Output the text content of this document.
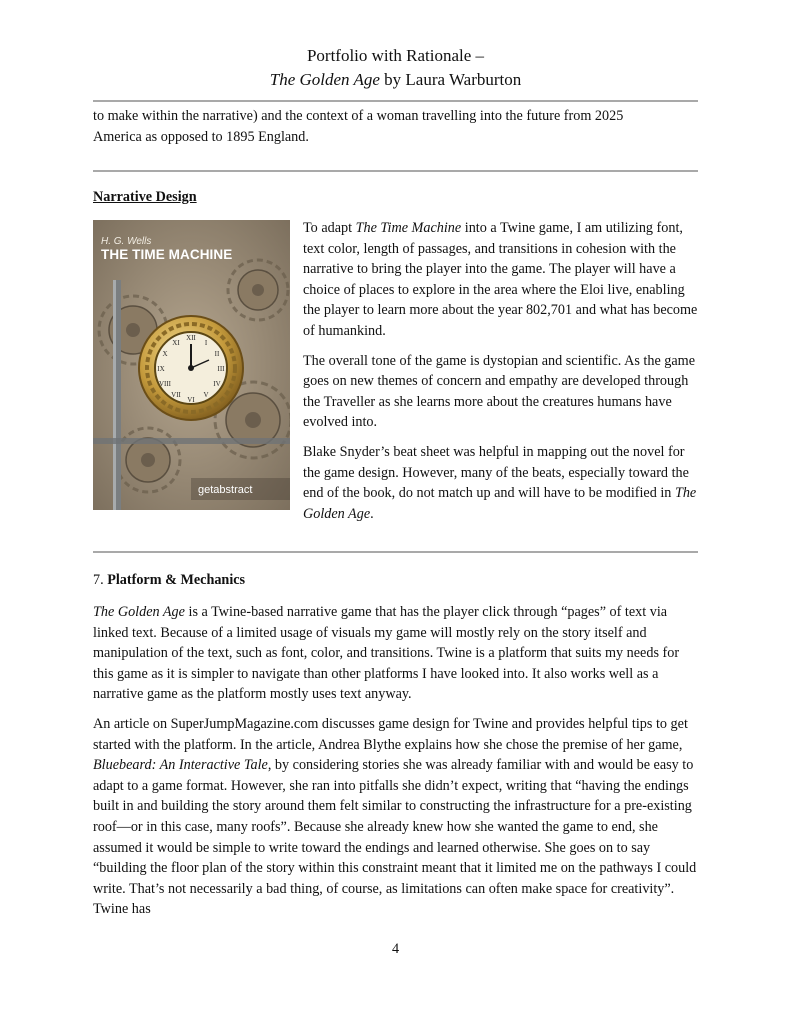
Portfolio with Rationale –
The Golden Age by Laura Warburton
to make within the narrative) and the context of a woman travelling into the future from 2025
America as opposed to 1895 England.
Narrative Design
XII
VI
III
IX
I
II
IV
V
VII
VIII
X
XI
H. G. Wells
THE TIME MACHINE
getabstract

To adapt The Time Machine into a Twine game, I am utilizing font, text color, length of passages, and transitions in cohesion with the narrative to bring the player into the game. The player will have a choice of places to explore in the area where the Eloi live, enabling the player to learn more about the year 802,701 and what has become of humankind.

The overall tone of the game is dystopian and scientific. As the game goes on new themes of concern and empathy are developed through the Traveller as she learns more about the creatures humans have evolved into.

Blake Snyder’s beat sheet was helpful in mapping out the novel for the game design. However, many of the beats, especially toward the end of the book, do not match up and will have to be modified in The Golden Age.

7. Platform & Mechanics

The Golden Age is a Twine-based narrative game that has the player click through “pages” of text via linked text. Because of a limited usage of visuals my game will mostly rely on the story itself and manipulation of the text, such as font, color, and transitions. Twine is a platform that suits my needs for this game as it is simpler to navigate than other platforms I have looked into. It also works well as a narrative game as the platform mostly uses text anyway.

An article on SuperJumpMagazine.com discusses game design for Twine and provides helpful tips to get started with the platform. In the article, Andrea Blythe explains how she chose the premise of her game, Bluebeard: An Interactive Tale, by considering stories she was already familiar with and would be easy to adapt to a game format. However, she ran into pitfalls she didn’t expect, writing that “having the endings built in and building the story around them felt similar to constructing the infrastructure for a pre-existing roof—or in this case, many roofs”. Because she already knew how she wanted the game to end, she assumed it would be simple to write toward the endings and learned otherwise. She goes on to say “building the floor plan of the story within this constraint meant that it limited me on the pathways I could write. That’s not necessarily a bad thing, of course, as limitations can often make space for creativity”. Twine has

4
